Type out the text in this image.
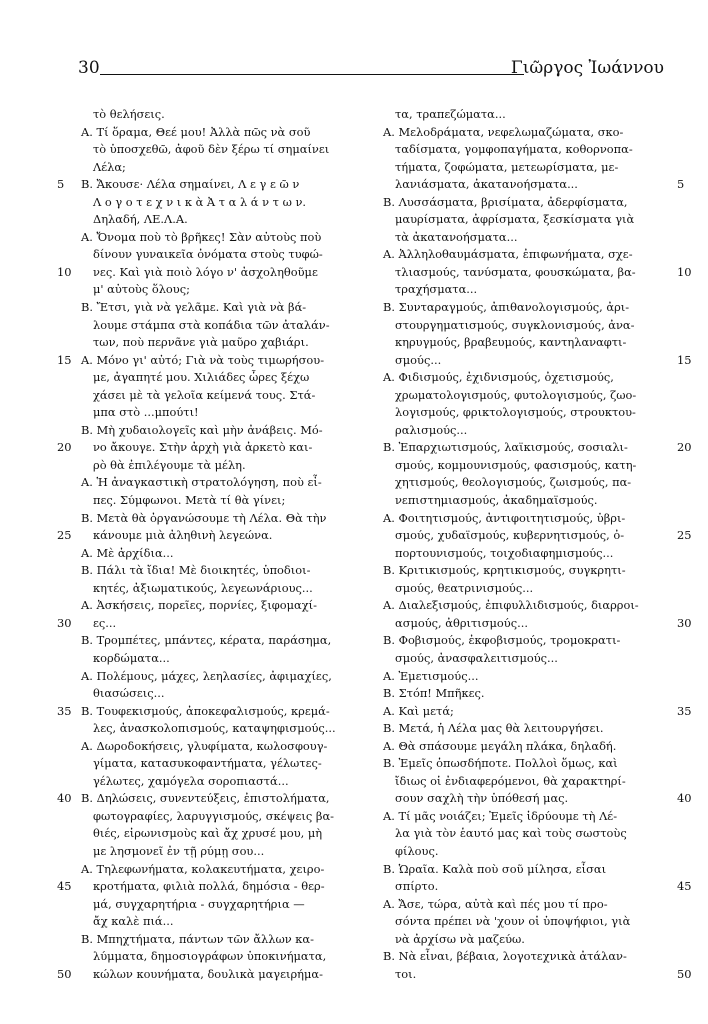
30	Γιῶργος Ἰωάννου
τὸ θελήσεις.
Α. Τί ὅραμα, Θεέ μου! Ἀλλὰ πῶς νὰ σοῦ
τὸ ὑποσχεθῶ, ἀφοῦ δὲν ξέρω τί σημαίνει
Λέλα;
Β. Ἄκουσε· Λέλα σημαίνει, Λ ε γ ε ῶ ν
Λ ο γ ο τ ε χ ν ι κ ὰ Ἀ τ α λ ά ν τ ω ν.
Δηλαδή, ΛΕ.Λ.Α.
Α. Ὄνομα ποὺ τὸ βρῆκες! Σὰν αὐτοὺς ποὺ
δίνουν γυναικεῖα ὀνόματα στοὺς τυφώ-
νες. Καὶ γιὰ ποιὸ λόγο ν' ἀσχοληθοῦμε
μ' αὐτοὺς ὅλους;
Β. Ἔτσι, γιὰ νὰ γελᾶμε. Καὶ γιὰ νὰ βά-
λουμε στάμπα στὰ κοπάδια τῶν ἀταλάν-
των, ποὺ περνᾶνε γιὰ μαῦρο χαβιάρι.
Α. Μόνο γι' αὐτό; Γιὰ νὰ τοὺς τιμωρήσου-
με, ἀγαπητέ μου. Χιλιάδες ὧρες ξέχω
χάσει μὲ τὰ γελοῖα κείμενά τους. Στά-
μπα στὸ ...μπούτι!
Β. Μὴ χυδαιολογεῖς καὶ μὴν ἀνάβεις. Μό-
νο ἄκουγε. Στὴν ἀρχὴ γιὰ ἀρκετὸ και-
ρὸ θὰ ἐπιλέγουμε τὰ μέλη.
Α. Ἡ ἀναγκαστικὴ στρατολόγηση, ποὺ εἶ-
πες. Σύμφωνοι. Μετὰ τί θὰ γίνει;
Β. Μετὰ θὰ ὀργανώσουμε τὴ Λέλα. Θὰ τὴν
κάνουμε μιὰ ἀληθινὴ λεγεώνα.
Α. Μὲ ἀρχίδια...
Β. Πάλι τὰ ἴδια! Μὲ διοικητές, ὑποδιοι-
κητές, ἀξιωματικούς, λεγεωνάριους...
Α. Ἀσκήσεις, πορεῖες, πορνίες, ξιφομαχί-
ες...
Β. Τρομπέτες, μπάντες, κέρατα, παράσημα,
κορδώματα...
Α. Πολέμους, μάχες, λεηλασίες, ἀφιμαχίες,
θιασώσεις...
Β. Τουφεκισμούς, ἀποκεφαλισμούς, κρεμά-
λες, ἀνασκολοπισμούς, καταψηφισμούς...
Α. Δωροδοκήσεις, γλυφίματα, κωλοσφουγ-
γίματα, κατασυκοφαντήματα, γέλωτες-
γέλωτες, χαμόγελα σοροπιαστά...
Β. Δηλώσεις, συνεντεύξεις, ἐπιστολήματα,
φωτογραφίες, λαρυγγισμούς, σκέψεις βα-
θιές, εἰρωνισμοὺς καὶ ἄχ χρυσέ μου, μὴ
με λησμονεῖ ἐν τῇ ρύμῃ σου...
Α. Τηλεφωνήματα, κολακευτήματα, χειρο-
κροτήματα, φιλιὰ πολλά, δημόσια - θερ-
μά, συγχαρητήρια - συγχαρητήρια —
ἄχ καλὲ πιά...
Β. Μπηχτήματα, πάντων τῶν ἄλλων κα-
λύμματα, δημοσιογράφων ὑποκινήματα,
κώλων κουνήματα, δουλικὰ μαγειρήμα-
τα, τραπεζώματα...
Α. Μελοδράματα, νεφελωμαζώματα, σκο-
ταδίσματα, γομφοπαγήματα, κοθορνοπα-
τήματα, ζοφώματα, μετεωρίσματα, με-
λανιάσματα, ἀκατανοήσματα...
Β. Λυσσάσματα, βρισίματα, ἀδερφίσματα,
μαυρίσματα, ἀφρίσματα, ξεσκίσματα γιὰ
τὰ ἀκατανοήσματα...
Α. Ἀλληλοθαυμάσματα, ἐπιφωνήματα, σχε-
τλιασμούς, τανύσματα, φουσκώματα, βα-
τραχήσματα...
Β. Συνταραγμούς, ἀπιθανολογισμούς, ἀρι-
στουργηματισμούς, συγκλονισμούς, ἀνα-
κηρυγμούς, βραβευμούς, καντηλαναφτι-
σμούς...
Α. Φιδισμούς, ἐχιδνισμούς, ὀχετισμούς,
χρωματολογισμούς, φυτολογισμούς, ζωο-
λογισμούς, φρικτολογισμούς, στρουκτου-
ραλισμούς...
Β. Ἐπαρχιωτισμούς, λαϊκισμούς, σοσιαλι-
σμούς, κομμουνισμούς, φασισμούς, κατη-
χητισμούς, θεολογισμούς, ζωισμούς, πα-
νεπιστημιασμούς, ἀκαδημαϊσμούς.
Α. Φοιτητισμούς, ἀντιφοιτητισμούς, ὑβρι-
σμούς, χυδαϊσμούς, κυβερνητισμούς, ὀ-
πορτουνισμούς, τοιχοδιαφημισμούς...
Β. Κριτικισμούς, κρητικισμούς, συγκρητι-
σμούς, θεατρινισμούς...
Α. Διαλεξισμούς, ἐπιφυλλιδισμούς, διαρροι-
ασμούς, ἀθριτισμούς...
Β. Φοβισμούς, ἐκφοβισμούς, τρομοκρατι-
σμούς, ἀνασφαλειτισμούς...
Α. Ἐμετισμούς...
Β. Στόπ! Μπῆκες.
Α. Καὶ μετά;
Β. Μετά, ἡ Λέλα μας θὰ λειτουργήσει.
Α. Θὰ σπάσουμε μεγάλη πλάκα, δηλαδή.
Β. Ἐμεῖς ὁπωσδήποτε. Πολλοὶ ὅμως, καὶ
ἴδιως οἱ ἐνδιαφερόμενοι, θὰ χαρακτηρί-
σουν σαχλὴ τὴν ὑπόθεσή μας.
Α. Τί μᾶς νοιάζει; Ἐμεῖς ἱδρύουμε τὴ Λέ-
λα γιὰ τὸν ἑαυτό μας καὶ τοὺς σωστοὺς
φίλους.
Β. Ὡραῖα. Καλὰ ποὺ σοῦ μίλησα, εἶσαι
σπίρτο.
Α. Ἄσε, τώρα, αὐτὰ καὶ πές μου τί προ-
σόντα πρέπει νὰ 'χουν οἱ ὑποψήφιοι, γιὰ
νὰ ἀρχίσω νὰ μαζεύω.
Β. Νὰ εἶναι, βέβαια, λογοτεχνικὰ ἀτάλαν-
τοι.
5	5
10	10
15	15
20	20
25	25
30	30
35	35
40	40
45	45
50	50
